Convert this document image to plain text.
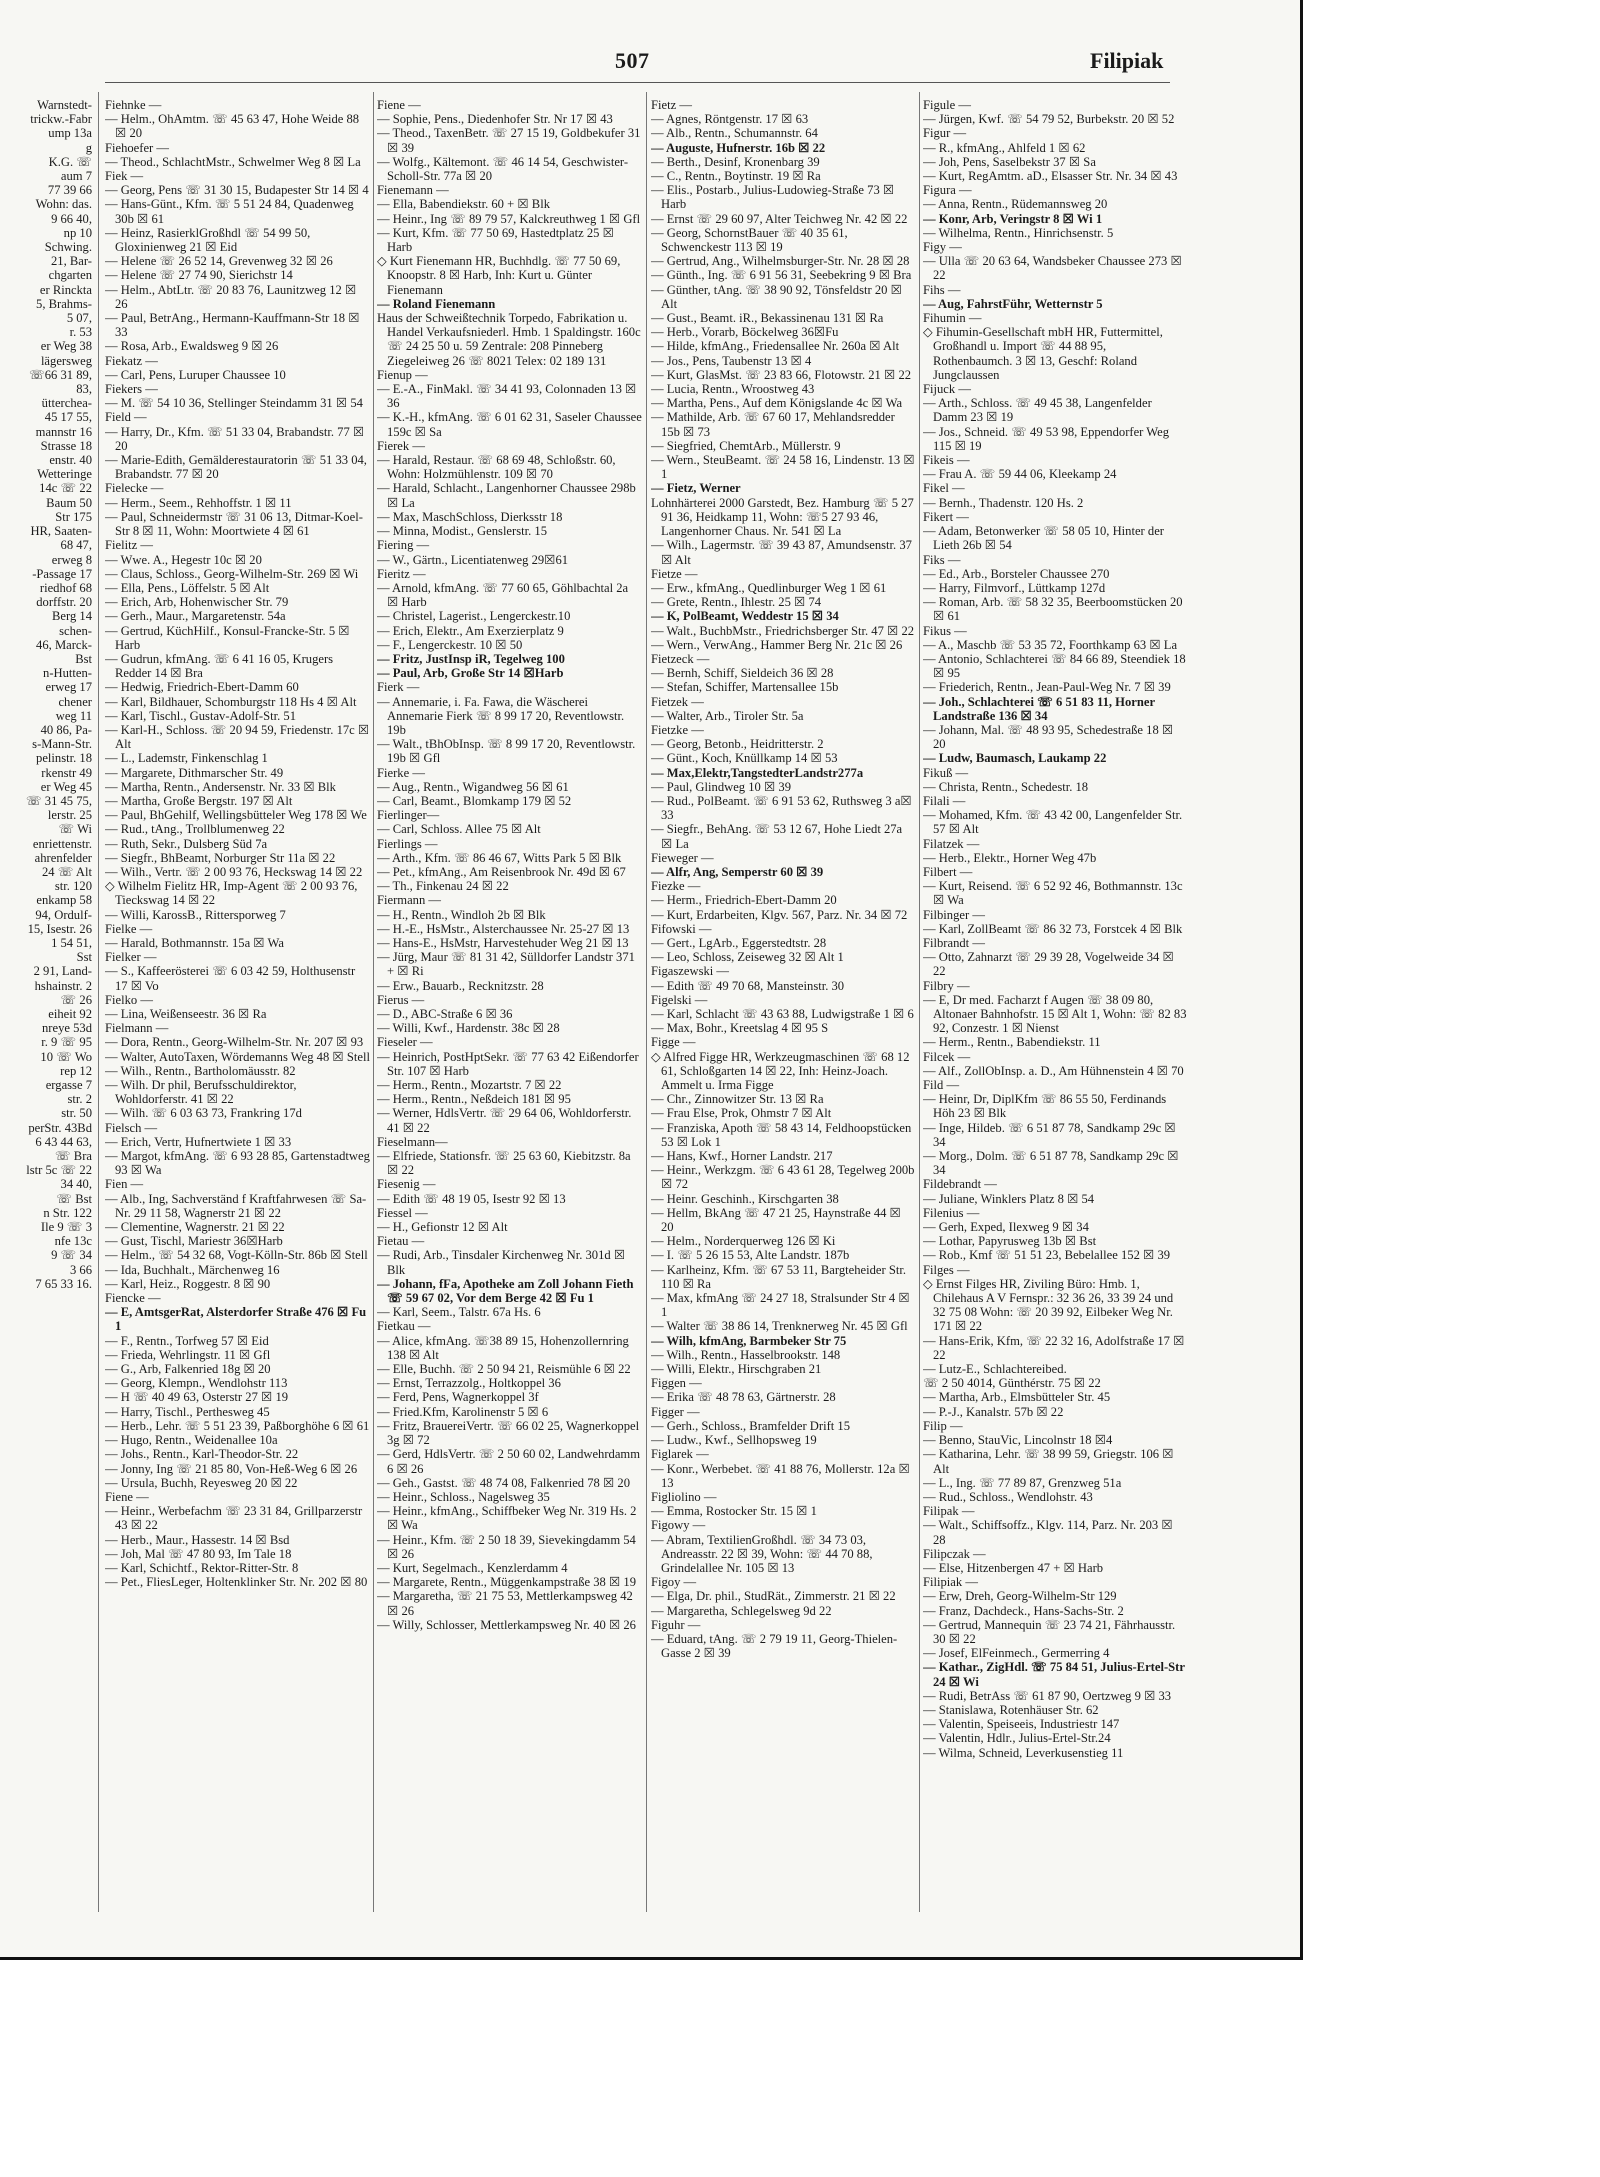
507	Filipiak
Warnstedt-
trickw.-Fabr
ump 13a
g
K.G. ☏
aum 7
77 39 66
Wohn: das.
9 66 40,
np 10
Schwing.
21, Bar-
chgarten
er Rinckta
5, Brahms-
5 07,
r. 53
er Weg 38
lägersweg
☏66 31 89,
83,
ütterchea-
45 17 55,
mannstr 16
Strasse 18
enstr. 40
Wetteringe
14c ☏ 22
Baum 50
Str 175
HR, Saaten-
68 47,
erweg 8
-Passage 17
riedhof 68
dorffstr. 20
Berg 14
schen-
46, Marck-
Bst
n-Hutten-
erweg 17
chener
weg 11
40 86, Pa-
s-Mann-Str.
pelinstr. 18
rkenstr 49
er Weg 45
☏ 31 45 75,
lerstr. 25
☏ Wi
enriettenstr.
ahrenfelder
24 ☏ Alt
str. 120
enkamp 58
94, Ordulf-
15, Isestr. 26
1 54 51,
Sst
2 91, Land-
hshainstr. 2
☏ 26
eiheit 92
nreye 53d
r. 9 ☏ 95
10 ☏ Wo
rep 12
ergasse 7
str. 2
str. 50
perStr. 43Bd
6 43 44 63,
☏ Bra
lstr 5c ☏ 22
34 40,
☏ Bst
n Str. 122
Ile 9 ☏ 3
nfe 13c
9 ☏ 34
3 66
7 65 33 16.
Fiehnke —
— Helm., OhAmtm. ☏ 45 63 47, Hohe Weide 88 ☒ 20
Fiehoefer —
— Theod., SchlachtMstr., Schwelmer Weg 8 ☒ La
Fiek —
— Georg, Pens ☏ 31 30 15, Budapester Str 14 ☒ 4
— Hans-Günt., Kfm. ☏ 5 51 24 84, Quadenweg 30b ☒ 61
— Heinz, RasierklGroßhdl ☏ 54 99 50, Gloxinienweg 21 ☒ Eid
— Helene ☏ 26 52 14, Grevenweg 32 ☒ 26
— Helene ☏ 27 74 90, Sierichstr 14
— Helm., AbtLtr. ☏ 20 83 76, Launitzweg 12 ☒ 26
— Paul, BetrAng., Hermann-Kauffmann-Str 18 ☒ 33
— Rosa, Arb., Ewaldsweg 9 ☒ 26
Fiekatz —
— Carl, Pens, Luruper Chaussee 10
Fiekers —
— M. ☏ 54 10 36, Stellinger Steindamm 31 ☒ 54
Field —
— Harry, Dr., Kfm. ☏ 51 33 04, Brabandstr. 77 ☒ 20
— Marie-Edith, Gemälderestauratorin ☏ 51 33 04, Brabandstr. 77 ☒ 20
Fielecke —
— Herm., Seem., Rehhoffstr. 1 ☒ 11
— Paul, Schneidermstr ☏ 31 06 13, Ditmar-Koel-Str 8 ☒ 11, Wohn: Moortwiete 4 ☒ 61
Fielitz —
— Wwe. A., Hegestr 10c ☒ 20
— Claus, Schloss., Georg-Wilhelm-Str. 269 ☒ Wi
— Ella, Pens., Löffelstr. 5 ☒ Alt
— Erich, Arb, Hohenwischer Str. 79
— Gerh., Maur., Margaretenstr. 54a
— Gertrud, KüchHilf., Konsul-Francke-Str. 5 ☒ Harb
— Gudrun, kfmAng. ☏ 6 41 16 05, Krugers Redder 14 ☒ Bra
— Hedwig, Friedrich-Ebert-Damm 60
— Karl, Bildhauer, Schomburgstr 118 Hs 4 ☒ Alt
— Karl, Tischl., Gustav-Adolf-Str. 51
— Karl-H., Schloss. ☏ 20 94 59, Friedenstr. 17c ☒ Alt
— L., Lademstr, Finkenschlag 1
— Margarete, Dithmarscher Str. 49
— Martha, Rentn., Andersenstr. Nr. 33 ☒ Blk
— Martha, Große Bergstr. 197 ☒ Alt
— Paul, BhGehilf, Wellingsbütteler Weg 178 ☒ We
— Rud., tAng., Trollblumenweg 22
— Ruth, Sekr., Dulsberg Süd 7a
— Siegfr., BhBeamt, Norburger Str 11a ☒ 22
— Wilh., Vertr. ☏ 2 00 93 76, Heckswag 14 ☒ 22
◇ Wilhelm Fielitz HR, Imp-Agent ☏ 2 00 93 76, Tieckswag 14 ☒ 22
— Willi, KarossB., Rittersporweg 7
Fielke —
— Harald, Bothmannstr. 15a ☒ Wa
Fielker —
— S., Kaffeerösterei ☏ 6 03 42 59, Holthusenstr 17 ☒ Vo
Fielko —
— Lina, Weißenseestr. 36 ☒ Ra
Fielmann —
— Dora, Rentn., Georg-Wilhelm-Str. Nr. 207 ☒ 93
— Walter, AutoTaxen, Wördemanns Weg 48 ☒ Stell
— Wilh., Rentn., Bartholomäusstr. 82
— Wilh. Dr phil, Berufsschuldirektor, Wohldorferstr. 41 ☒ 22
— Wilh. ☏ 6 03 63 73, Frankring 17d
Fielsch —
— Erich, Vertr, Hufnertwiete 1 ☒ 33
— Margot, kfmAng. ☏ 6 93 28 85, Gartenstadtweg 93 ☒ Wa
Fien —
— Alb., Ing, Sachverständ f Kraftfahrwesen ☏ Sa-Nr. 29 11 58, Wagnerstr 21 ☒ 22
— Clementine, Wagnerstr. 21 ☒ 22
— Gust, Tischl, Mariestr 36☒Harb
— Helm., ☏ 54 32 68, Vogt-Kölln-Str. 86b ☒ Stell
— Ida, Buchhalt., Märchenweg 16
— Karl, Heiz., Roggestr. 8 ☒ 90
Fiencke —
— E, AmtsgerRat, Alsterdorfer Straße 476 ☒ Fu 1
— F., Rentn., Torfweg 57 ☒ Eid
— Frieda, Wehrlingstr. 11 ☒ Gfl
— G., Arb, Falkenried 18g ☒ 20
— Georg, Klempn., Wendlohstr 113
— H ☏ 40 49 63, Osterstr 27 ☒ 19
— Harry, Tischl., Perthesweg 45
— Herb., Lehr. ☏ 5 51 23 39, Paßborghöhe 6 ☒ 61
— Hugo, Rentn., Weidenallee 10a
— Johs., Rentn., Karl-Theodor-Str. 22
— Jonny, Ing ☏ 21 85 80, Von-Heß-Weg 6 ☒ 26
— Ursula, Buchh, Reyesweg 20 ☒ 22
Fiene —
— Heinr., Werbefachm ☏ 23 31 84, Grillparzerstr 43 ☒ 22
— Herb., Maur., Hassestr. 14 ☒ Bsd
— Joh, Mal ☏ 47 80 93, Im Tale 18
— Karl, Schichtf., Rektor-Ritter-Str. 8
— Pet., FliesLeger, Holtenklinker Str. Nr. 202 ☒ 80
Fiene —
— Sophie, Pens., Diedenhofer Str. Nr 17 ☒ 43
— Theod., TaxenBetr. ☏ 27 15 19, Goldbekufer 31 ☒ 39
— Wolfg., Kältemont. ☏ 46 14 54, Geschwister-Scholl-Str. 77a ☒ 20
Fienemann —
— Ella, Babendiekstr. 60 + ☒ Blk
— Heinr., Ing ☏ 89 79 57, Kalckreuthweg 1 ☒ Gfl
— Kurt, Kfm. ☏ 77 50 69, Hastedtplatz 25 ☒ Harb
◇ Kurt Fienemann HR, Buchhdlg. ☏ 77 50 69, Knoopstr. 8 ☒ Harb, Inh: Kurt u. Günter Fienemann
— Roland Fienemann
Haus der Schweißtechnik Torpedo, Fabrikation u. Handel Verkaufsniederl. Hmb. 1 Spaldingstr. 160c ☏ 24 25 50 u. 59 Zentrale: 208 Pinneberg Ziegeleiweg 26 ☏ 8021 Telex: 02 189 131
Fienup —
— E.-A., FinMakl. ☏ 34 41 93, Colonnaden 13 ☒ 36
— K.-H., kfmAng. ☏ 6 01 62 31, Saseler Chaussee 159c ☒ Sa
Fierek —
— Harald, Restaur. ☏ 68 69 48, Schloßstr. 60, Wohn: Holzmühlenstr. 109 ☒ 70
— Harald, Schlacht., Langenhorner Chaussee 298b ☒ La
— Max, MaschSchloss, Dierksstr 18
— Minna, Modist., Genslerstr. 15
Fiering —
— W., Gärtn., Licentiatenweg 29☒61
Fieritz —
— Arnold, kfmAng. ☏ 77 60 65, Göhlbachtal 2a ☒ Harb
— Christel, Lagerist., Lengerckestr.10
— Erich, Elektr., Am Exerzierplatz 9
— F., Lengerckestr. 10 ☒ 50
— Fritz, JustInsp iR, Tegelweg 100
— Paul, Arb, Große Str 14 ☒Harb
Fierk —
— Annemarie, i. Fa. Fawa, die Wäscherei Annemarie Fierk ☏ 8 99 17 20, Reventlowstr. 19b
— Walt., tBhObInsp. ☏ 8 99 17 20, Reventlowstr. 19b ☒ Gfl
Fierke —
— Aug., Rentn., Wigandweg 56 ☒ 61
— Carl, Beamt., Blomkamp 179 ☒ 52
Fierlinger—
— Carl, Schloss. Allee 75 ☒ Alt
Fierlings —
— Arth., Kfm. ☏ 86 46 67, Witts Park 5 ☒ Blk
— Pet., kfmAng., Am Reisenbrook Nr. 49d ☒ 67
— Th., Finkenau 24 ☒ 22
Fiermann —
— H., Rentn., Windloh 2b ☒ Blk
— H.-E., HsMstr., Alsterchaussee Nr. 25-27 ☒ 13
— Hans-E., HsMstr, Harvestehuder Weg 21 ☒ 13
— Jürg, Maur ☏ 81 31 42, Sülldorfer Landstr 371 + ☒ Ri
— Erw., Bauarb., Recknitzstr. 28
Fierus —
— D., ABC-Straße 6 ☒ 36
— Willi, Kwf., Hardenstr. 38c ☒ 28
Fieseler —
— Heinrich, PostHptSekr. ☏ 77 63 42 Eißendorfer Str. 107 ☒ Harb
— Herm., Rentn., Mozartstr. 7 ☒ 22
— Herm., Rentn., Neßdeich 181 ☒ 95
— Werner, HdlsVertr. ☏ 29 64 06, Wohldorferstr. 41 ☒ 22
Fieselmann—
— Elfriede, Stationsfr. ☏ 25 63 60, Kiebitzstr. 8a ☒ 22
Fiesenig —
— Edith ☏ 48 19 05, Isestr 92 ☒ 13
Fiessel —
— H., Gefionstr 12 ☒ Alt
Fietau —
— Rudi, Arb., Tinsdaler Kirchenweg Nr. 301d ☒ Blk
— Johann, fFa, Apotheke am Zoll Johann Fieth ☏ 59 67 02, Vor dem Berge 42 ☒ Fu 1
— Karl, Seem., Talstr. 67a Hs. 6
Fietkau —
— Alice, kfmAng. ☏38 89 15, Hohenzollernring 138 ☒ Alt
— Elle, Buchh. ☏ 2 50 94 21, Reismühle 6 ☒ 22
— Ernst, Terrazzolg., Holtkoppel 36
— Ferd, Pens, Wagnerkoppel 3f
— Fried.Kfm, Karolinenstr 5 ☒ 6
— Fritz, BrauereiVertr. ☏ 66 02 25, Wagnerkoppel 3g ☒ 72
— Gerd, HdlsVertr. ☏ 2 50 60 02, Landwehrdamm 6 ☒ 26
— Geh., Gastst. ☏ 48 74 08, Falkenried 78 ☒ 20
— Heinr., Schloss., Nagelsweg 35
— Heinr., kfmAng., Schiffbeker Weg Nr. 319 Hs. 2 ☒ Wa
— Heinr., Kfm. ☏ 2 50 18 39, Sievekingdamm 54 ☒ 26
— Kurt, Segelmach., Kenzlerdamm 4
— Margarete, Rentn., Müggenkampstraße 38 ☒ 19
— Margaretha, ☏ 21 75 53, Mettlerkampsweg 42 ☒ 26
— Willy, Schlosser, Mettlerkampsweg Nr. 40 ☒ 26
Fietz —
— Agnes, Röntgenstr. 17 ☒ 63
— Alb., Rentn., Schumannstr. 64
— Auguste, Hufnerstr. 16b ☒ 22
— Berth., Desinf, Kronenbarg 39
— C., Rentn., Boytinstr. 19 ☒ Ra
— Elis., Postarb., Julius-Ludowieg-Straße 73 ☒ Harb
— Ernst ☏ 29 60 97, Alter Teichweg Nr. 42 ☒ 22
— Georg, SchornstBauer ☏ 40 35 61, Schwenckestr 113 ☒ 19
— Gertrud, Ang., Wilhelmsburger-Str. Nr. 28 ☒ 28
— Günth., Ing. ☏ 6 91 56 31, Seebekring 9 ☒ Bra
— Günther, tAng. ☏ 38 90 92, Tönsfeldstr 20 ☒ Alt
— Gust., Beamt. iR., Bekassinenau 131 ☒ Ra
— Herb., Vorarb, Böckelweg 36☒Fu
— Hilde, kfmAng., Friedensallee Nr. 260a ☒ Alt
— Jos., Pens, Taubenstr 13 ☒ 4
— Kurt, GlasMst. ☏ 23 83 66, Flotowstr. 21 ☒ 22
— Lucia, Rentn., Wroostweg 43
— Martha, Pens., Auf dem Königslande 4c ☒ Wa
— Mathilde, Arb. ☏ 67 60 17, Mehlandsredder 15b ☒ 73
— Siegfried, ChemtArb., Müllerstr. 9
— Wern., SteuBeamt. ☏ 24 58 16, Lindenstr. 13 ☒ 1
— Fietz, Werner
Lohnhärterei 2000 Garstedt, Bez. Hamburg ☏ 5 27 91 36, Heidkamp 11, Wohn: ☏5 27 93 46, Langenhorner Chaus. Nr. 541 ☒ La
— Wilh., Lagermstr. ☏ 39 43 87, Amundsenstr. 37 ☒ Alt
Fietze —
— Erw., kfmAng., Quedlinburger Weg 1 ☒ 61
— Grete, Rentn., Ihlestr. 25 ☒ 74
— K, PolBeamt, Weddestr 15 ☒ 34
— Walt., BuchbMstr., Friedrichsberger Str. 47 ☒ 22
— Wern., VerwAng., Hammer Berg Nr. 21c ☒ 26
Fietzeck —
— Bernh, Schiff, Sieldeich 36 ☒ 28
— Stefan, Schiffer, Martensallee 15b
Fietzek —
— Walter, Arb., Tiroler Str. 5a
Fietzke —
— Georg, Betonb., Heidritterstr. 2
— Günt., Koch, Knüllkamp 14 ☒ 53
— Max,Elektr,TangstedterLandstr277a
— Paul, Glindweg 10 ☒ 39
— Rud., PolBeamt. ☏ 6 91 53 62, Ruthsweg 3 a☒ 33
— Siegfr., BehAng. ☏ 53 12 67, Hohe Liedt 27a ☒ La
Fieweger —
— Alfr, Ang, Semperstr 60 ☒ 39
Fiezke —
— Herm., Friedrich-Ebert-Damm 20
— Kurt, Erdarbeiten, Klgv. 567, Parz. Nr. 34 ☒ 72
Fifowski —
— Gert., LgArb., Eggerstedtstr. 28
— Leo, Schloss, Zeiseweg 32 ☒ Alt 1
Figaszewski —
— Edith ☏ 49 70 68, Mansteinstr. 30
Figelski —
— Karl, Schlacht ☏ 43 63 88, Ludwigstraße 1 ☒ 6
— Max, Bohr., Kreetslag 4 ☒ 95 S
Figge —
◇ Alfred Figge HR, Werkzeugmaschinen ☏ 68 12 61, Schloßgarten 14 ☒ 22, Inh: Heinz-Joach. Ammelt u. Irma Figge
— Chr., Zinnowitzer Str. 13 ☒ Ra
— Frau Else, Prok, Ohmstr 7 ☒ Alt
— Franziska, Apoth ☏ 58 43 14, Feldhoopstücken 53 ☒ Lok 1
— Hans, Kwf., Horner Landstr. 217
— Heinr., Werkzgm. ☏ 6 43 61 28, Tegelweg 200b ☒ 72
— Heinr. Geschinh., Kirschgarten 38
— Hellm, BkAng ☏ 47 21 25, Haynstraße 44 ☒ 20
— Helm., Norderquerweg 126 ☒ Ki
— I. ☏ 5 26 15 53, Alte Landstr. 187b
— Karlheinz, Kfm. ☏ 67 53 11, Bargteheider Str. 110 ☒ Ra
— Max, kfmAng ☏ 24 27 18, Stralsunder Str 4 ☒ 1
— Walter ☏ 38 86 14, Trenknerweg Nr. 45 ☒ Gfl
— Wilh, kfmAng, Barmbeker Str 75
— Wilh., Rentn., Hasselbrookstr. 148
— Willi, Elektr., Hirschgraben 21
Figgen —
— Erika ☏ 48 78 63, Gärtnerstr. 28
Figger —
— Gerh., Schloss., Bramfelder Drift 15
— Ludw., Kwf., Sellhopsweg 19
Figlarek —
— Konr., Werbebet. ☏ 41 88 76, Mollerstr. 12a ☒ 13
Figliolino —
— Emma, Rostocker Str. 15 ☒ 1
Figowy —
— Abram, TextilienGroßhdl. ☏ 34 73 03, Andreasstr. 22 ☒ 39, Wohn: ☏ 44 70 88, Grindelallee Nr. 105 ☒ 13
Figoy —
— Elga, Dr. phil., StudRät., Zimmerstr. 21 ☒ 22
— Margaretha, Schlegelsweg 9d 22
Figuhr —
— Eduard, tAng. ☏ 2 79 19 11, Georg-Thielen-Gasse 2 ☒ 39
Figule —
— Jürgen, Kwf. ☏ 54 79 52, Burbekstr. 20 ☒ 52
Figur —
— R., kfmAng., Ahlfeld 1 ☒ 62
— Joh, Pens, Saselbekstr 37 ☒ Sa
— Kurt, RegAmtm. aD., Elsasser Str. Nr. 34 ☒ 43
Figura —
— Anna, Rentn., Rüdemannsweg 20
— Konr, Arb, Veringstr 8 ☒ Wi 1
— Wilhelma, Rentn., Hinrichsenstr. 5
Figy —
— Ulla ☏ 20 63 64, Wandsbeker Chaussee 273 ☒ 22
Fihs —
— Aug, FahrstFühr, Wetternstr 5
Fihumin —
◇ Fihumin-Gesellschaft mbH HR, Futtermittel, Großhandl u. Import ☏ 44 88 95, Rothenbaumch. 3 ☒ 13, Geschf: Roland Jungclaussen
Fijuck —
— Arth., Schloss. ☏ 49 45 38, Langenfelder Damm 23 ☒ 19
— Jos., Schneid. ☏ 49 53 98, Eppendorfer Weg 115 ☒ 19
Fikeis —
— Frau A. ☏ 59 44 06, Kleekamp 24
Fikel —
— Bernh., Thadenstr. 120 Hs. 2
Fikert —
— Adam, Betonwerker ☏ 58 05 10, Hinter der Lieth 26b ☒ 54
Fiks —
— Ed., Arb., Borsteler Chaussee 270
— Harry, Filmvorf., Lüttkamp 127d
— Roman, Arb. ☏ 58 32 35, Beerboomstücken 20 ☒ 61
Fikus —
— A., Maschb ☏ 53 35 72, Foorthkamp 63 ☒ La
— Antonio, Schlachterei ☏ 84 66 89, Steendiek 18 ☒ 95
— Friederich, Rentn., Jean-Paul-Weg Nr. 7 ☒ 39
— Joh., Schlachterei ☏ 6 51 83 11, Horner Landstraße 136 ☒ 34
— Johann, Mal. ☏ 48 93 95, Schedestraße 18 ☒ 20
— Ludw, Baumasch, Laukamp 22
Fikuß —
— Christa, Rentn., Schedestr. 18
Filali —
— Mohamed, Kfm. ☏ 43 42 00, Langenfelder Str. 57 ☒ Alt
Filatzek —
— Herb., Elektr., Horner Weg 47b
Filbert —
— Kurt, Reisend. ☏ 6 52 92 46, Bothmannstr. 13c ☒ Wa
Filbinger —
— Karl, ZollBeamt ☏ 86 32 73, Forstcek 4 ☒ Blk
Filbrandt —
— Otto, Zahnarzt ☏ 29 39 28, Vogelweide 34 ☒ 22
Filbry —
— E, Dr med. Facharzt f Augen ☏ 38 09 80, Altonaer Bahnhofstr. 15 ☒ Alt 1, Wohn: ☏ 82 83 92, Conzestr. 1 ☒ Nienst
— Herm., Rentn., Babendiekstr. 11
Filcek —
— Alf., ZollObInsp. a. D., Am Hühnenstein 4 ☒ 70
Fild —
— Heinr, Dr, DiplKfm ☏ 86 55 50, Ferdinands Höh 23 ☒ Blk
— Inge, Hildeb. ☏ 6 51 87 78, Sandkamp 29c ☒ 34
— Morg., Dolm. ☏ 6 51 87 78, Sandkamp 29c ☒ 34
Fildebrandt —
— Juliane, Winklers Platz 8 ☒ 54
Filenius —
— Gerh, Exped, Ilexweg 9 ☒ 34
— Lothar, Papyrusweg 13b ☒ Bst
— Rob., Kmf ☏ 51 51 23, Bebelallee 152 ☒ 39
Filges —
◇ Ernst Filges HR, Ziviling Büro: Hmb. 1, Chilehaus A V Fernspr.: 32 36 26, 33 39 24 und 32 75 08 Wohn: ☏ 20 39 92, Eilbeker Weg Nr. 171 ☒ 22
— Hans-Erik, Kfm, ☏ 22 32 16, Adolfstraße 17 ☒ 22
— Lutz-E., Schlachtereibed.
☏ 2 50 4014, Günthérstr. 75 ☒ 22
— Martha, Arb., Elmsbütteler Str. 45
— P.-J., Kanalstr. 57b ☒ 22
Filip —
— Benno, StauVic, Lincolnstr 18 ☒4
— Katharina, Lehr. ☏ 38 99 59, Griegstr. 106 ☒ Alt
— L., Ing. ☏ 77 89 87, Grenzweg 51a
— Rud., Schloss., Wendlohstr. 43
Filipak —
— Walt., Schiffsoffz., Klgv. 114, Parz. Nr. 203 ☒ 28
Filipczak —
— Else, Hitzenbergen 47 + ☒ Harb
Filipiak —
— Erw, Dreh, Georg-Wilhelm-Str 129
— Franz, Dachdeck., Hans-Sachs-Str. 2
— Gertrud, Mannequin ☏ 23 74 21, Fährhausstr. 30 ☒ 22
— Josef, ElFeinmech., Germerring 4
— Kathar., ZigHdl. ☏ 75 84 51, Julius-Ertel-Str 24 ☒ Wi
— Rudi, BetrAss ☏ 61 87 90, Oertzweg 9 ☒ 33
— Stanislawa, Rotenhäuser Str. 62
— Valentin, Speiseeis, Industriestr 147
— Valentin, Hdlr., Julius-Ertel-Str.24
— Wilma, Schneid, Leverkusenstieg 11
